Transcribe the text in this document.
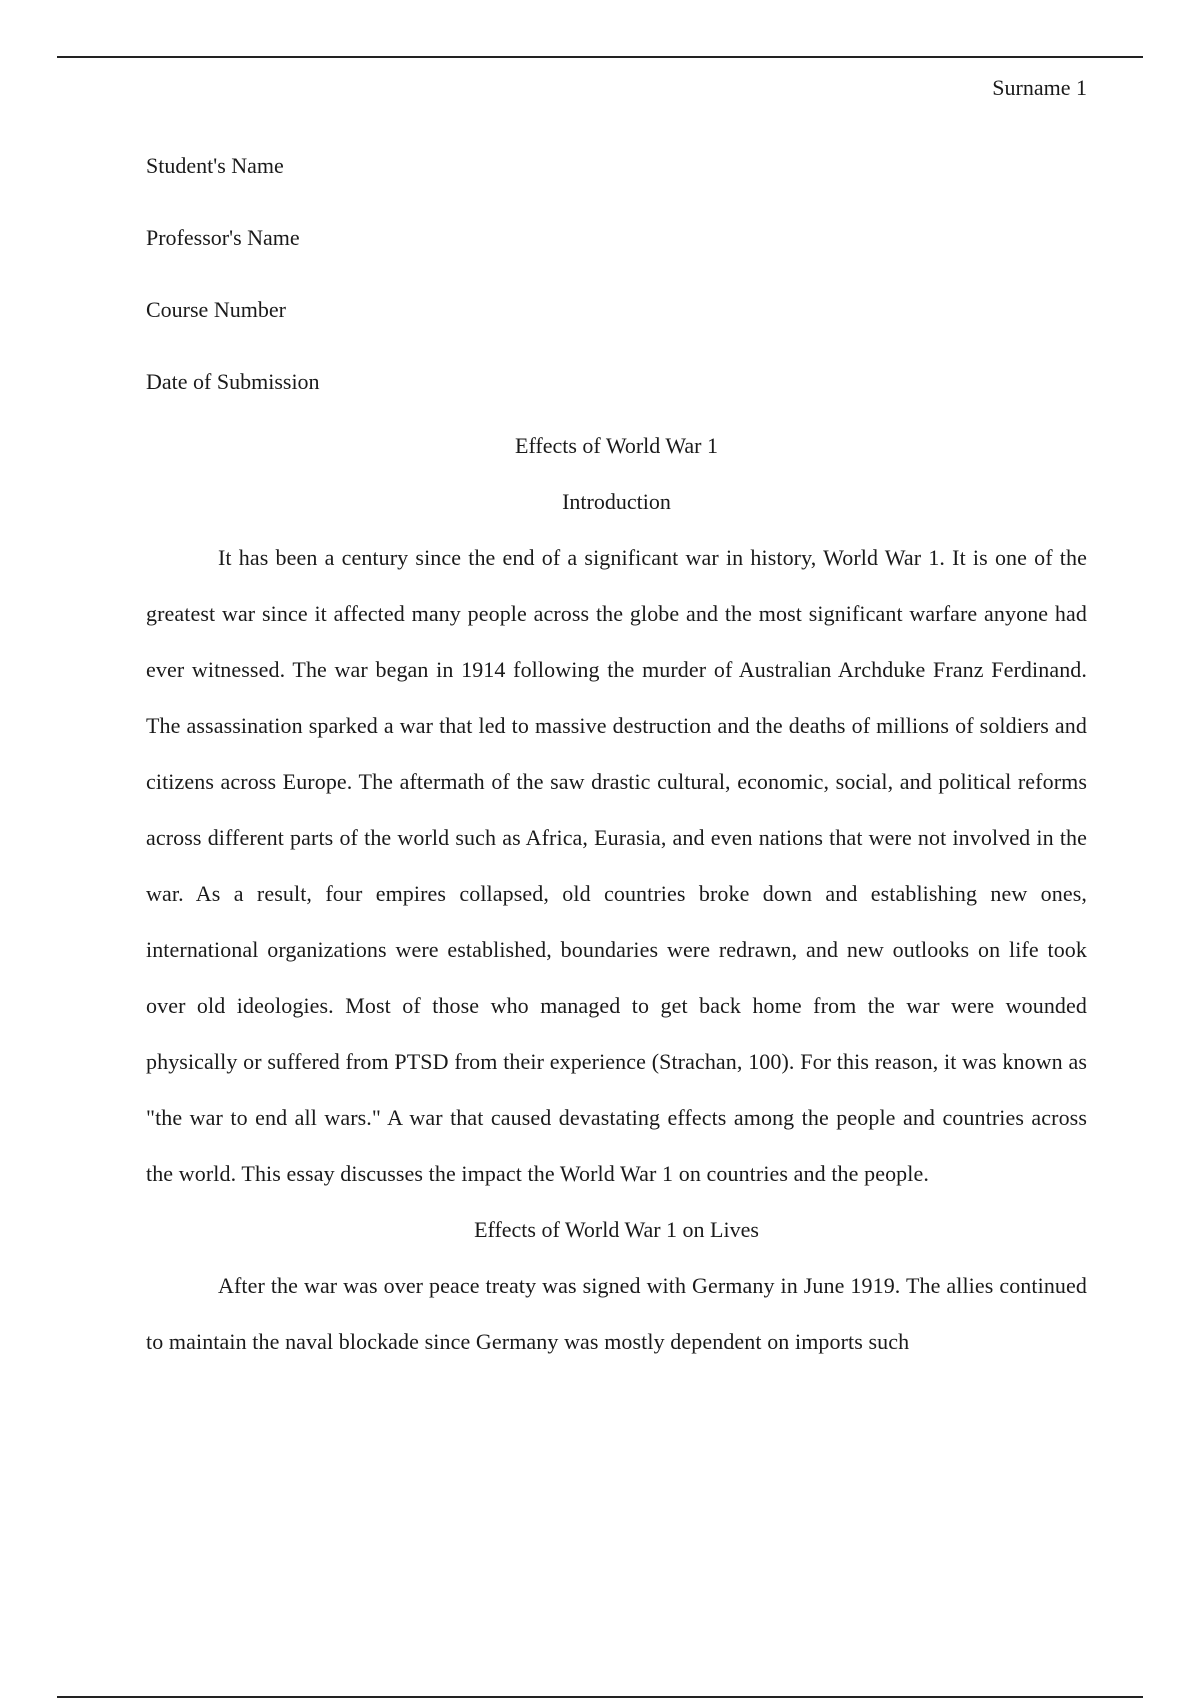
Surname 1
Student's Name
Professor's Name
Course Number
Date of Submission
Effects of World War 1
Introduction

It has been a century since the end of a significant war in history, World War 1. It is one of the greatest war since it affected many people across the globe and the most significant warfare anyone had ever witnessed. The war began in 1914 following the murder of Australian Archduke Franz Ferdinand. The assassination sparked a war that led to massive destruction and the deaths of millions of soldiers and citizens across Europe. The aftermath of the saw drastic cultural, economic, social, and political reforms across different parts of the world such as Africa, Eurasia, and even nations that were not involved in the war. As a result, four empires collapsed, old countries broke down and establishing new ones, international organizations were established, boundaries were redrawn, and new outlooks on life took over old ideologies. Most of those who managed to get back home from the war were wounded physically or suffered from PTSD from their experience (Strachan, 100). For this reason, it was known as "the war to end all wars." A war that caused devastating effects among the people and countries across the world. This essay discusses the impact the World War 1 on countries and the people.

Effects of World War 1 on Lives

After the war was over peace treaty was signed with Germany in June 1919. The allies continued to maintain the naval blockade since Germany was mostly dependent on imports such
